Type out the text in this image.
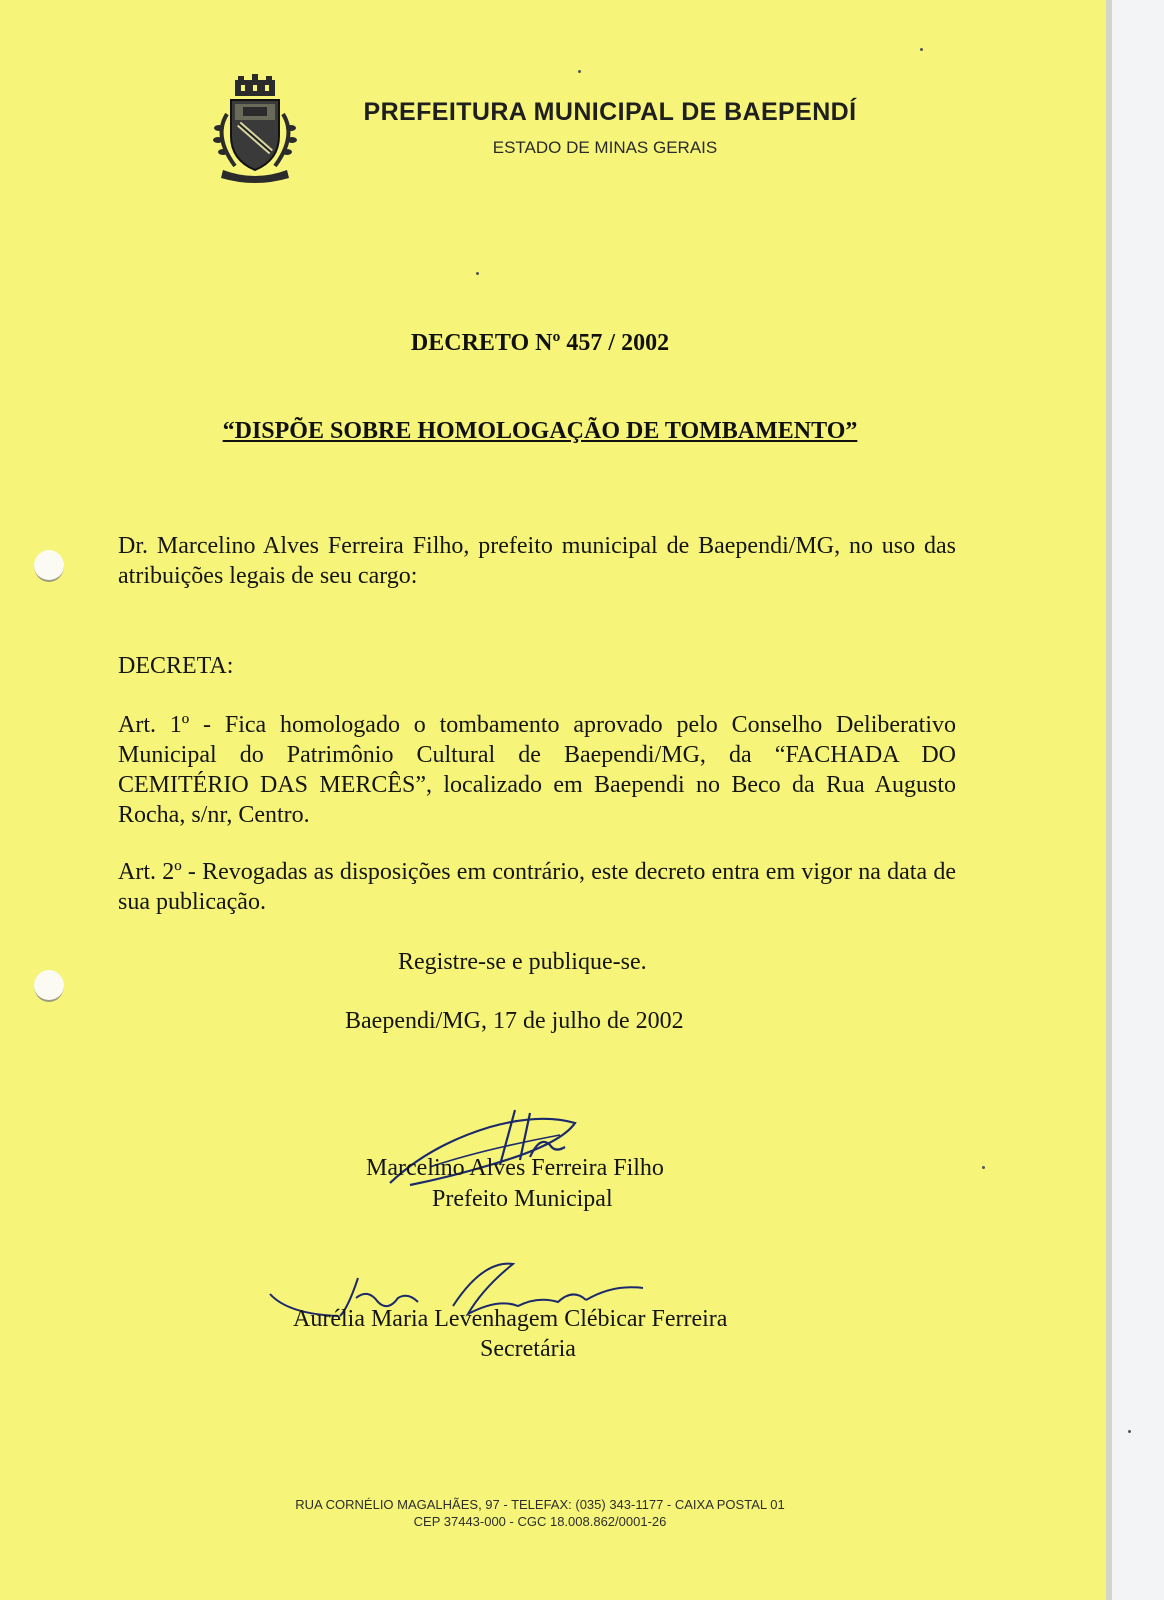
PREFEITURA MUNICIPAL DE BAEPENDÍ
ESTADO DE MINAS GERAIS
DECRETO Nº 457 / 2002
“DISPÕE SOBRE HOMOLOGAÇÃO DE TOMBAMENTO”
Dr. Marcelino Alves Ferreira Filho, prefeito municipal de Baependi/MG, no uso das atribuições legais de seu cargo:
DECRETA:
Art. 1º - Fica homologado o tombamento aprovado pelo Conselho Deliberativo Municipal do Patrimônio Cultural de Baependi/MG, da “FACHADA DO CEMITÉRIO DAS MERCÊS”, localizado em Baependi no Beco da Rua Augusto Rocha, s/nr, Centro.
Art. 2º - Revogadas as disposições em contrário, este decreto entra em vigor na data de sua publicação.
Registre-se e publique-se.
Baependi/MG, 17 de julho de 2002
Marcelino Alves Ferreira Filho
Prefeito Municipal
Aurélia Maria Levenhagem Clébicar Ferreira
Secretária
RUA CORNÉLIO MAGALHÃES, 97 - TELEFAX: (035) 343-1177 - CAIXA POSTAL 01
CEP 37443-000 - CGC 18.008.862/0001-26
